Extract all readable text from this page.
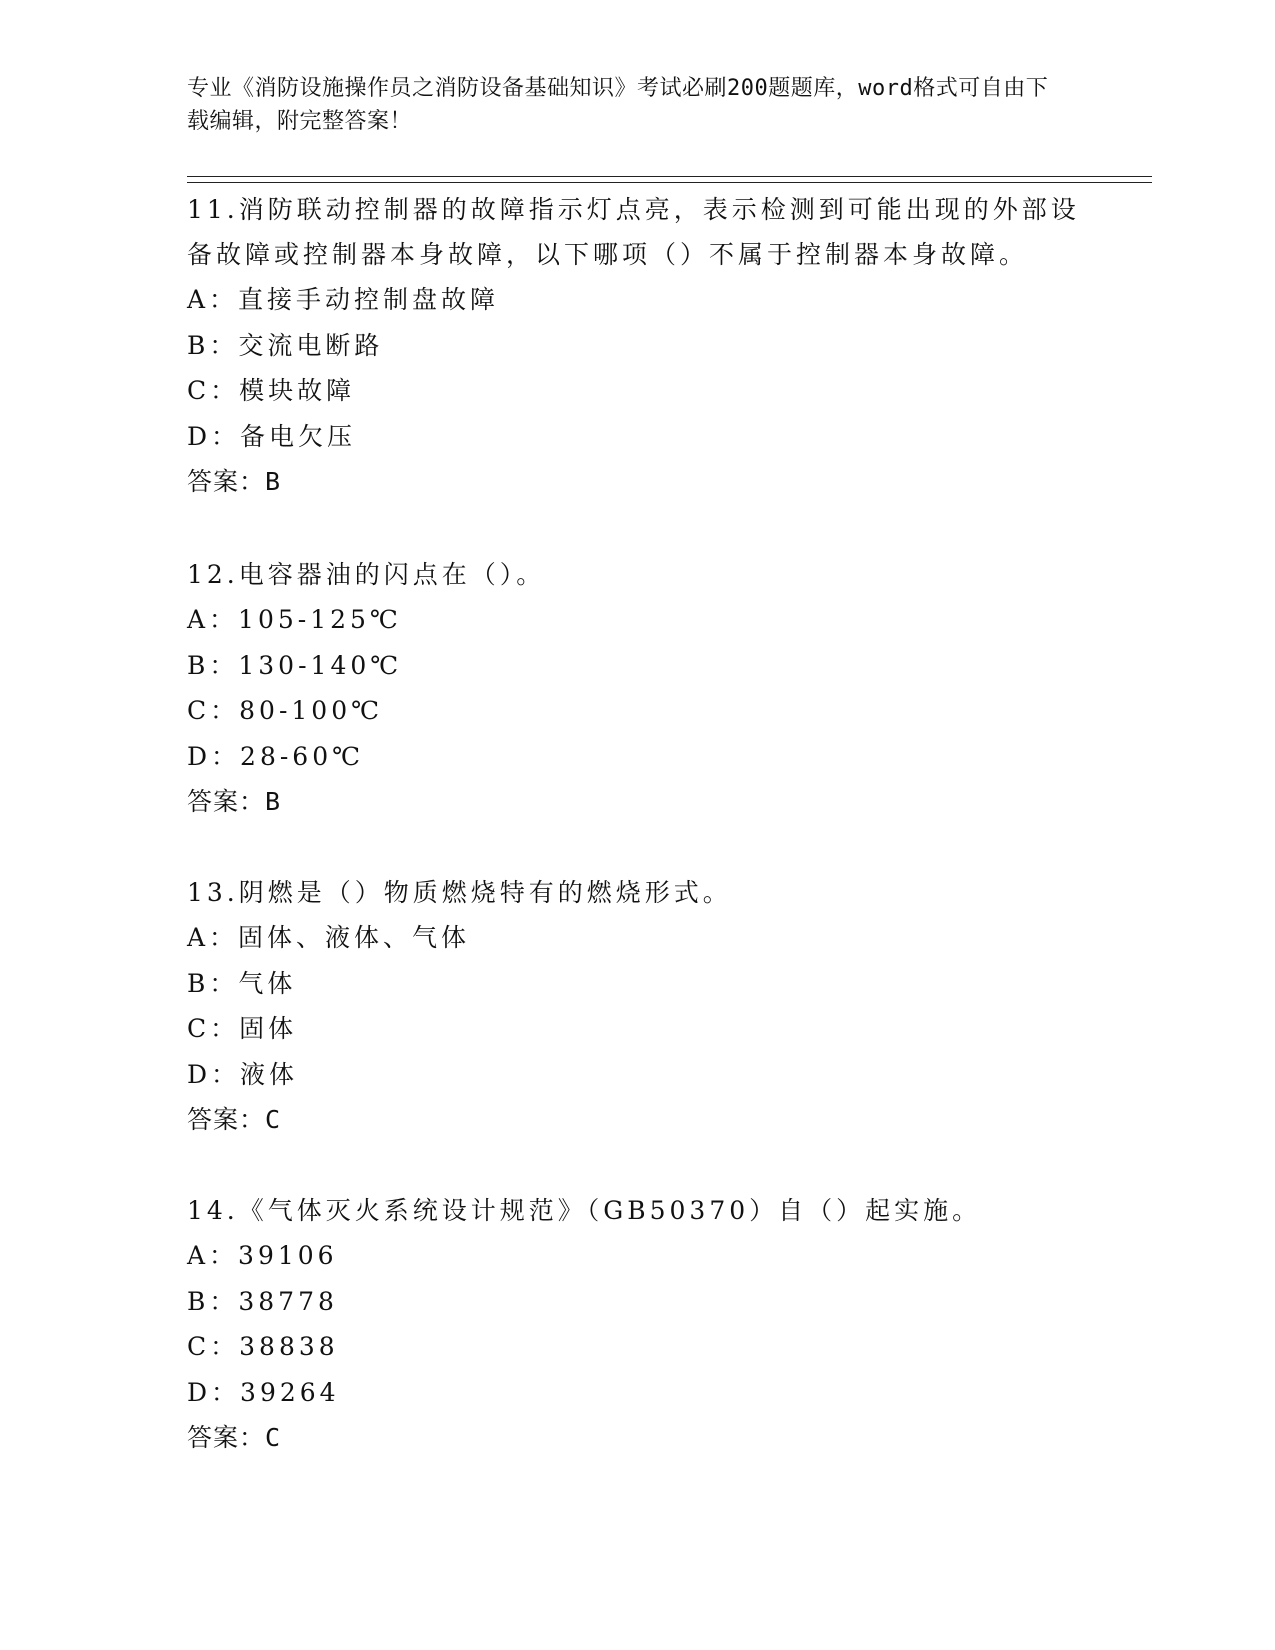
专业《消防设施操作员之消防设备基础知识》考试必刷200题题库，word格式可自由下载编辑，附完整答案！
11.消防联动控制器的故障指示灯点亮，表示检测到可能出现的外部设备故障或控制器本身故障，以下哪项（）不属于控制器本身故障。
A：直接手动控制盘故障
B：交流电断路
C：模块故障
D：备电欠压
答案：B
12.电容器油的闪点在（）。
A：105-125℃
B：130-140℃
C：80-100℃
D：28-60℃
答案：B
13.阴燃是（）物质燃烧特有的燃烧形式。
A：固体、液体、气体
B：气体
C：固体
D：液体
答案：C
14.《气体灭火系统设计规范》（GB50370）自（）起实施。
A：39106
B：38778
C：38838
D：39264
答案：C
